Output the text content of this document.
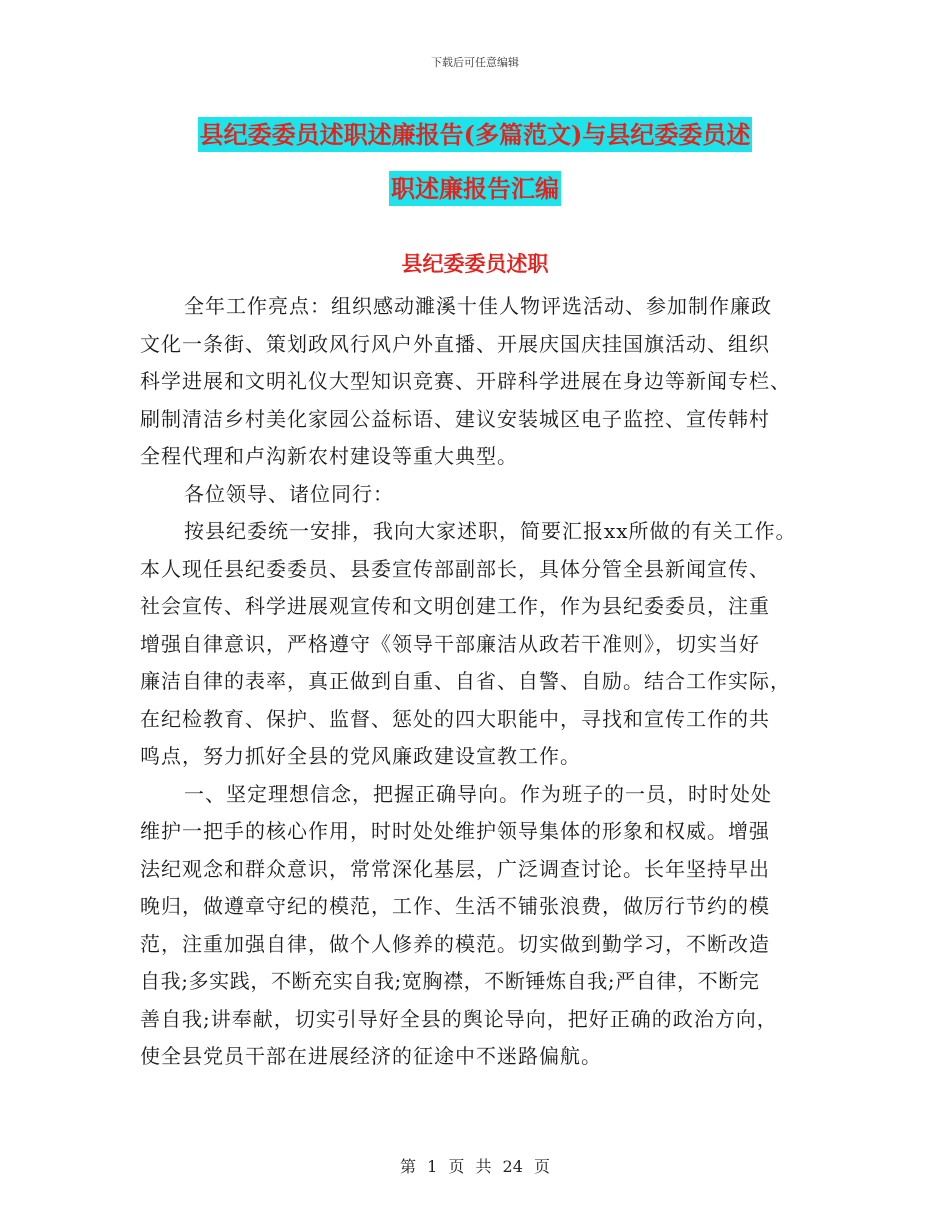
下载后可任意编辑
县纪委委员述职述廉报告(多篇范文)与县纪委委员述
职述廉报告汇编
县纪委委员述职
全年工作亮点：组织感动濉溪十佳人物评选活动、参加制作廉政
文化一条街、策划政风行风户外直播、开展庆国庆挂国旗活动、组织
科学进展和文明礼仪大型知识竞赛、开辟科学进展在身边等新闻专栏、
刷制清洁乡村美化家园公益标语、建议安装城区电子监控、宣传韩村
全程代理和卢沟新农村建设等重大典型。
各位领导、诸位同行：
按县纪委统一安排，我向大家述职，简要汇报xx所做的有关工作。
本人现任县纪委委员、县委宣传部副部长，具体分管全县新闻宣传、
社会宣传、科学进展观宣传和文明创建工作，作为县纪委委员，注重
增强自律意识，严格遵守《领导干部廉洁从政若干准则》，切实当好
廉洁自律的表率，真正做到自重、自省、自警、自励。结合工作实际，
在纪检教育、保护、监督、惩处的四大职能中，寻找和宣传工作的共
鸣点，努力抓好全县的党风廉政建设宣教工作。
一、坚定理想信念，把握正确导向。作为班子的一员，时时处处
维护一把手的核心作用，时时处处维护领导集体的形象和权威。增强
法纪观念和群众意识，常常深化基层，广泛调查讨论。长年坚持早出
晚归，做遵章守纪的模范，工作、生活不铺张浪费，做厉行节约的模
范，注重加强自律，做个人修养的模范。切实做到勤学习，不断改造
自我;多实践，不断充实自我;宽胸襟，不断锤炼自我;严自律，不断完
善自我;讲奉献，切实引导好全县的舆论导向，把好正确的政治方向，
使全县党员干部在进展经济的征途中不迷路偏航。
第 1 页 共 24 页
